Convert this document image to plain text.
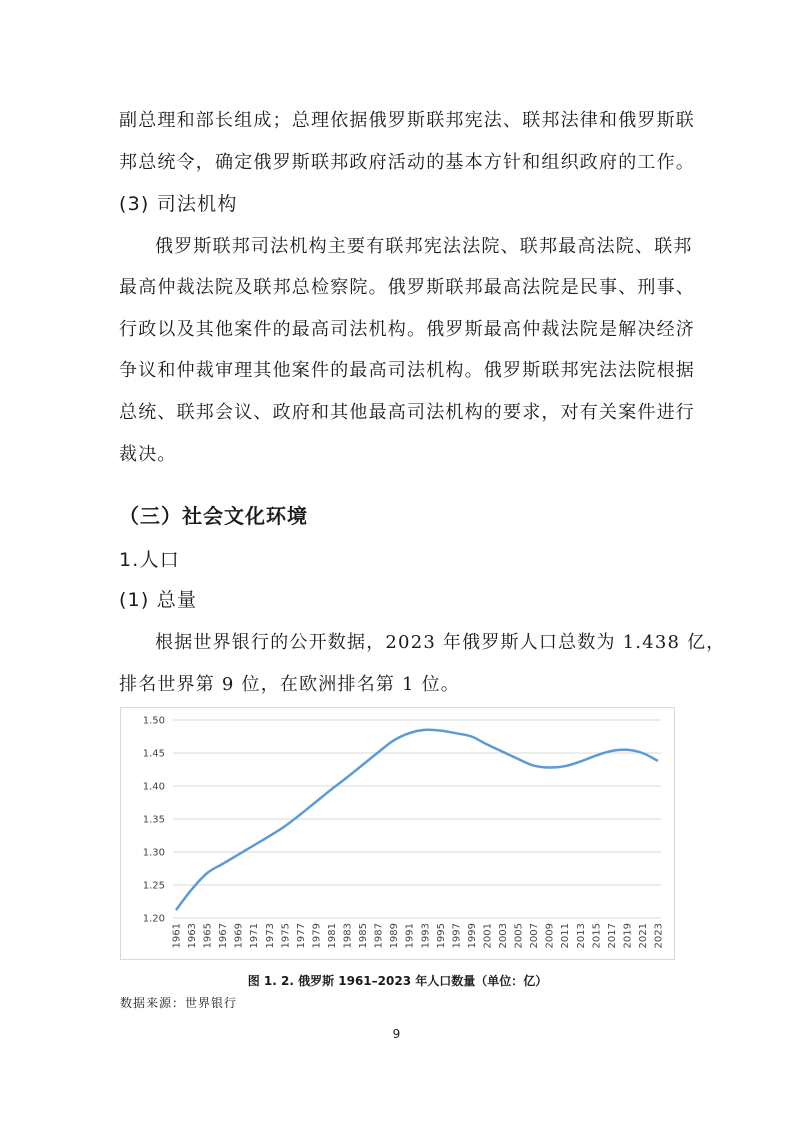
副总理和部长组成；总理依据俄罗斯联邦宪法、联邦法律和俄罗斯联

邦总统令，确定俄罗斯联邦政府活动的基本方针和组织政府的工作。

(3) 司法机构

俄罗斯联邦司法机构主要有联邦宪法法院、联邦最高法院、联邦

最高仲裁法院及联邦总检察院。俄罗斯联邦最高法院是民事、刑事、

行政以及其他案件的最高司法机构。俄罗斯最高仲裁法院是解决经济

争议和仲裁审理其他案件的最高司法机构。俄罗斯联邦宪法法院根据

总统、联邦会议、政府和其他最高司法机构的要求，对有关案件进行

裁决。

（三）社会文化环境

1.人口

(1) 总量

根据世界银行的公开数据，2023 年俄罗斯人口总数为 1.438 亿，

排名世界第 9 位，在欧洲排名第 1 位。

1.20
1.25
1.30
1.35
1.40
1.45
1.50
1961 1963 1965 1967 1969 1971 1973 1975 1977 1979 1981 1983 1985 1987 1989 1991 1993 1995 1997 1999 2001 2003 2005 2007 2009 2011 2013 2015 2017 2019 2021 2023
图 1. 2. 俄罗斯 1961–2023 年人口数量（单位：亿）
数据来源：世界银行
9
